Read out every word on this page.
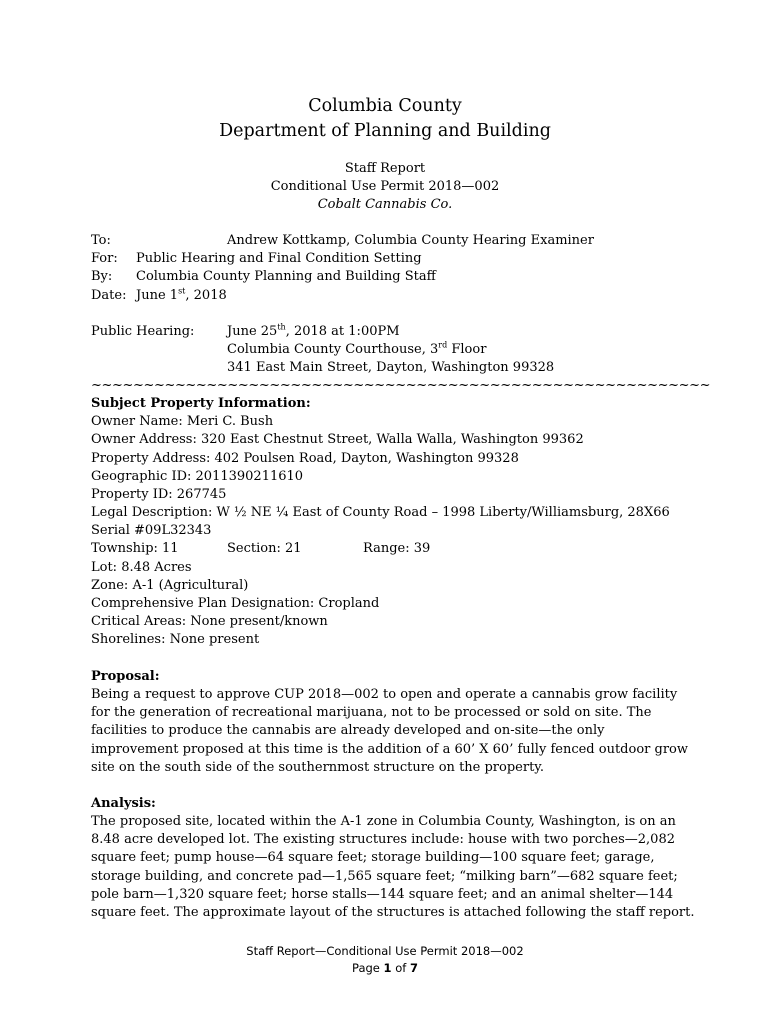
Columbia County
Department of Planning and Building
Staff Report
Conditional Use Permit 2018—002
Cobalt Cannabis Co.
To:	Andrew Kottkamp, Columbia County Hearing Examiner
For: Public Hearing and Final Condition Setting
By: Columbia County Planning and Building Staff
Date: June 1st, 2018
Public Hearing:	June 25th, 2018 at 1:00PM
Columbia County Courthouse, 3rd Floor
341 East Main Street, Dayton, Washington 99328
~~~~~~~~~~~~~~~~~~~~~~~~~~~~~~~~~~~~~~~~~~~~~~~~~~~~~~~~~~~
Subject Property Information:
Owner Name: Meri C. Bush
Owner Address: 320 East Chestnut Street, Walla Walla, Washington 99362
Property Address: 402 Poulsen Road, Dayton, Washington 99328
Geographic ID: 2011390211610
Property ID: 267745
Legal Description: W ½ NE ¼ East of County Road – 1998 Liberty/Williamsburg, 28X66
Serial #09L32343
Township: 11	Section: 21	Range: 39
Lot: 8.48 Acres
Zone: A-1 (Agricultural)
Comprehensive Plan Designation: Cropland
Critical Areas: None present/known
Shorelines: None present
Proposal:
Being a request to approve CUP 2018—002 to open and operate a cannabis grow facility
for the generation of recreational marijuana, not to be processed or sold on site. The
facilities to produce the cannabis are already developed and on-site—the only
improvement proposed at this time is the addition of a 60’ X 60’ fully fenced outdoor grow
site on the south side of the southernmost structure on the property.
Analysis:
The proposed site, located within the A-1 zone in Columbia County, Washington, is on an
8.48 acre developed lot. The existing structures include: house with two porches—2,082
square feet; pump house—64 square feet; storage building—100 square feet; garage,
storage building, and concrete pad—1,565 square feet; “milking barn”—682 square feet;
pole barn—1,320 square feet; horse stalls—144 square feet; and an animal shelter—144
square feet. The approximate layout of the structures is attached following the staff report.
Staff Report—Conditional Use Permit 2018—002
Page 1 of 7
